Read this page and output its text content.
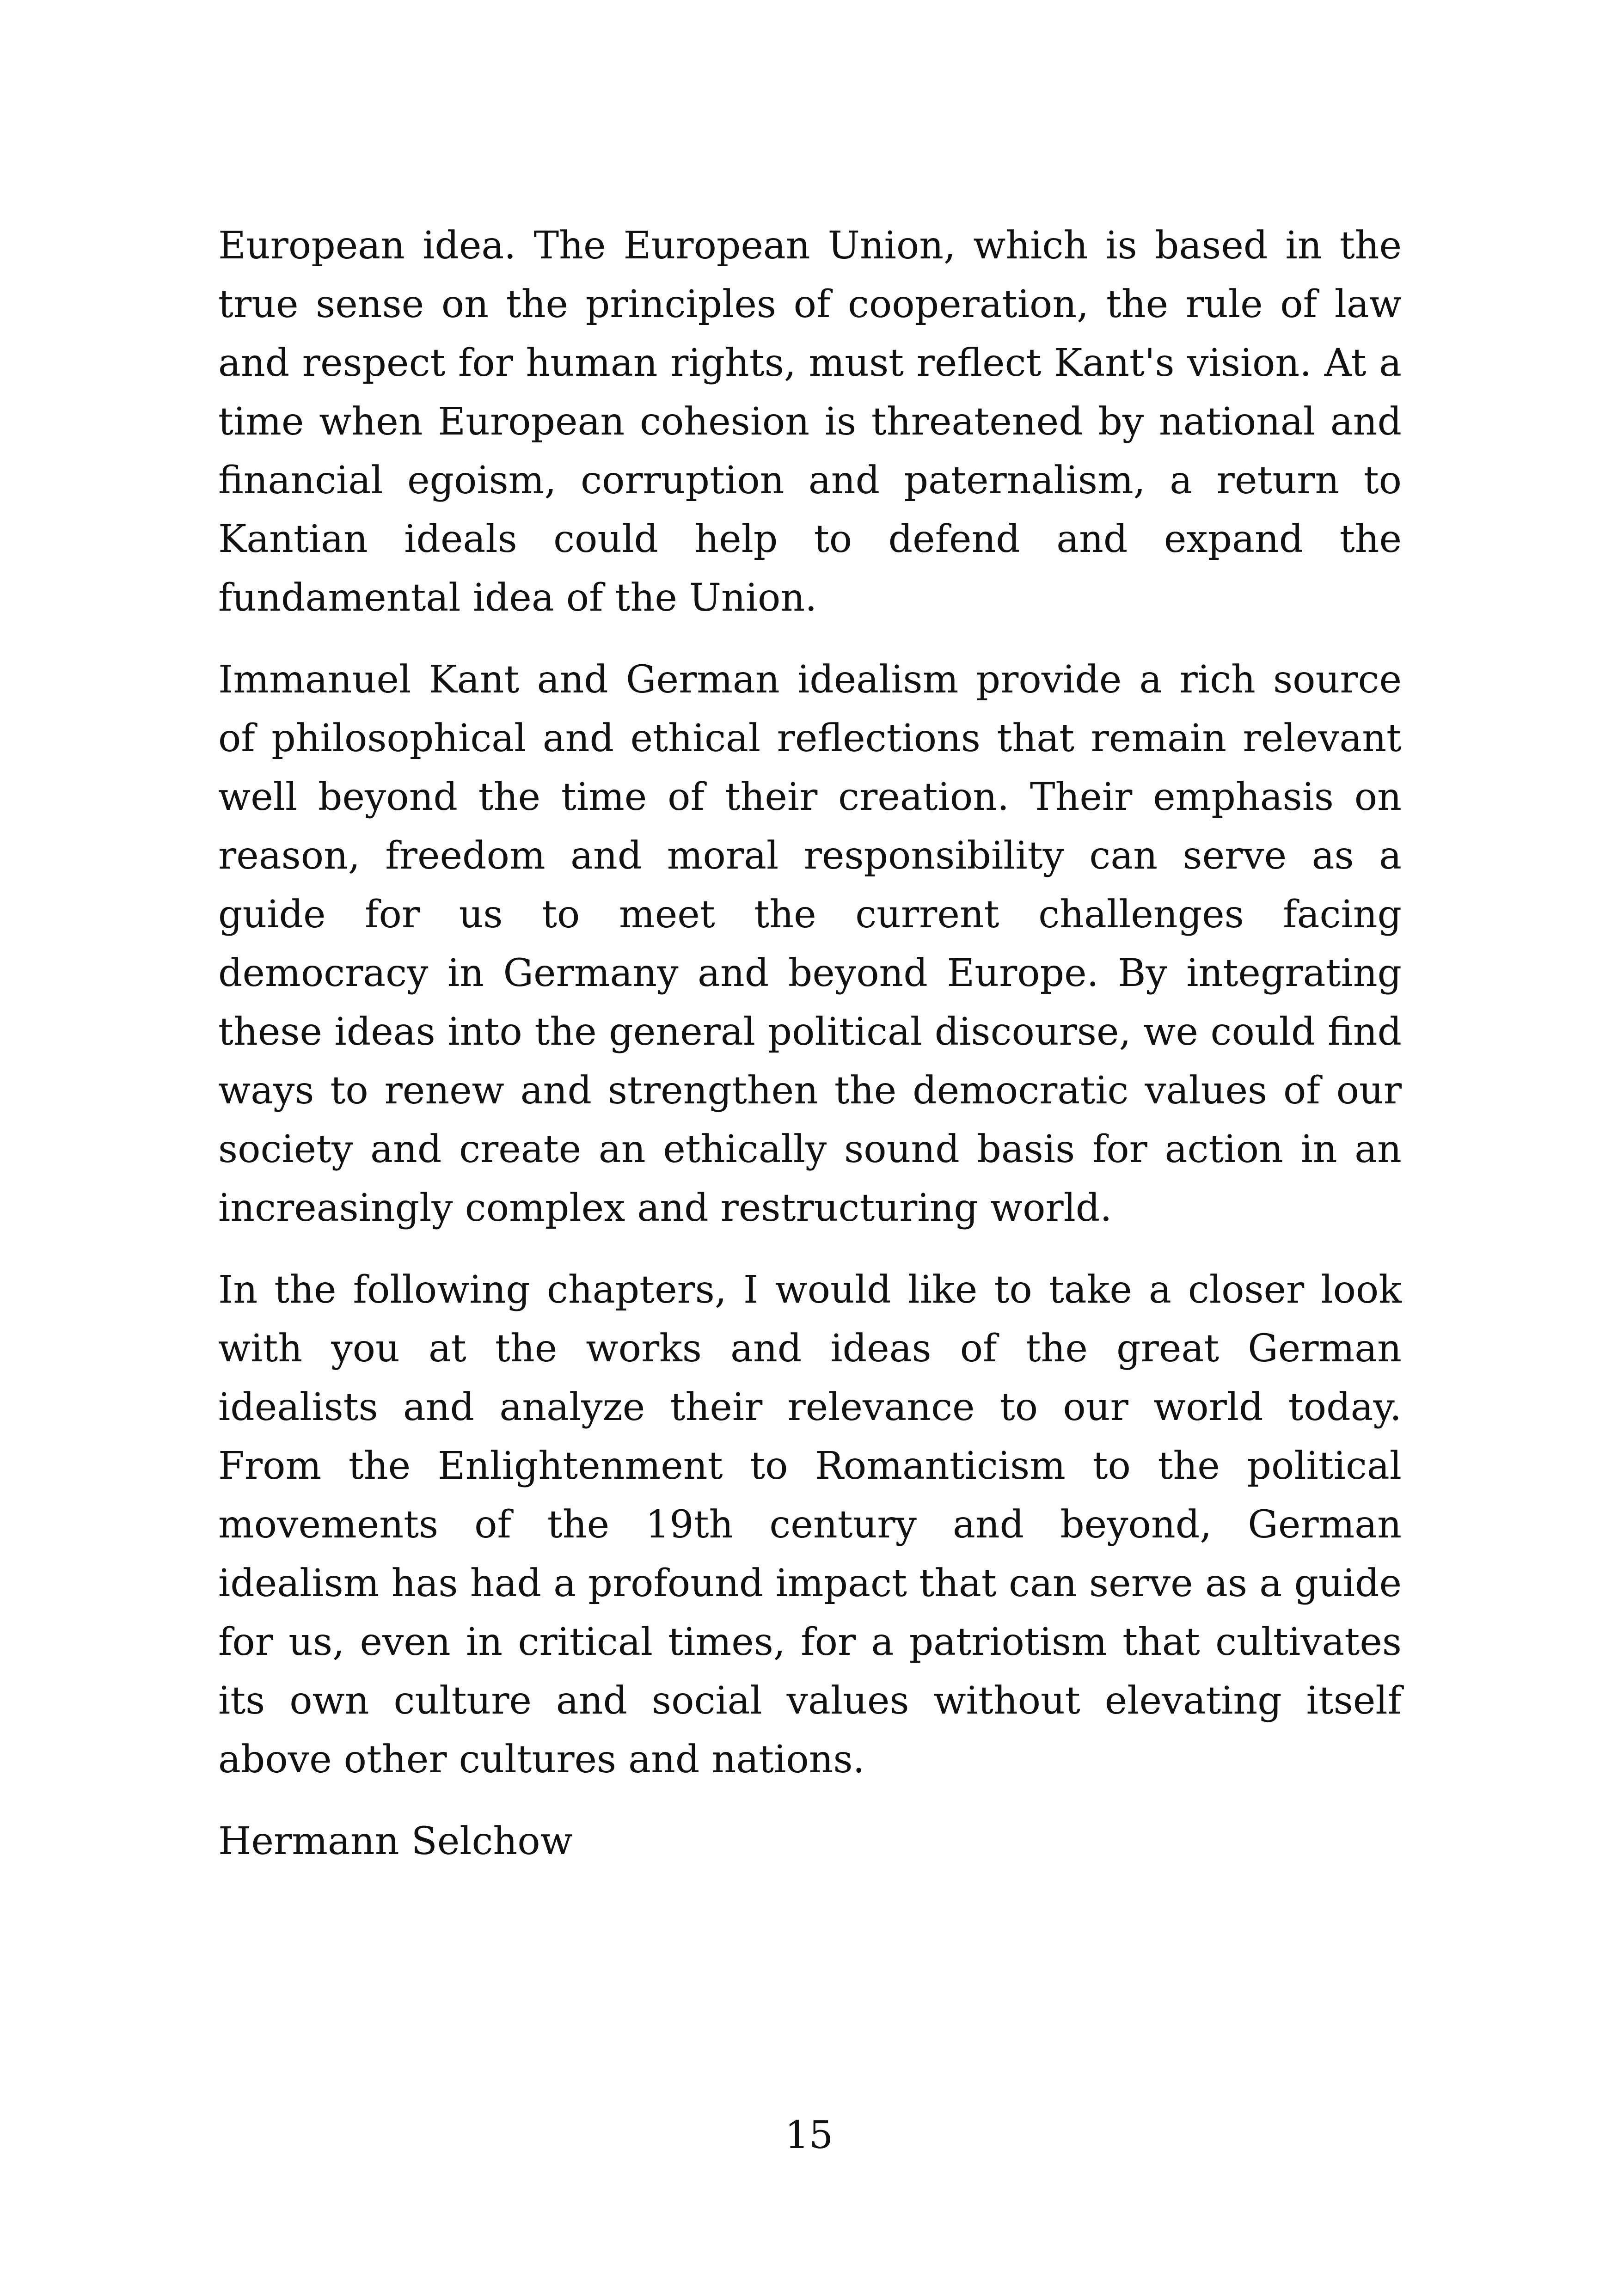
European idea. The European Union, which is based in the true sense on the principles of cooperation, the rule of law and respect for human rights, must reflect Kant's vision. At a time when European cohesion is threatened by national and financial egoism, corruption and paternalism, a return to Kantian ideals could help to defend and expand the fundamental idea of the Union.

Immanuel Kant and German idealism provide a rich source of philosophical and ethical reflections that remain relevant well beyond the time of their creation. Their emphasis on reason, freedom and moral responsibility can serve as a guide for us to meet the current challenges facing democracy in Germany and beyond Europe. By integrating these ideas into the general political discourse, we could find ways to renew and strengthen the democratic values of our society and create an ethically sound basis for action in an increasingly complex and restructuring world.

In the following chapters, I would like to take a closer look with you at the works and ideas of the great German idealists and analyze their relevance to our world today. From the Enlightenment to Romanticism to the political movements of the 19th century and beyond, German idealism has had a profound impact that can serve as a guide for us, even in critical times, for a patriotism that cultivates its own culture and social values without elevating itself above other cultures and nations.

Hermann Selchow

15
